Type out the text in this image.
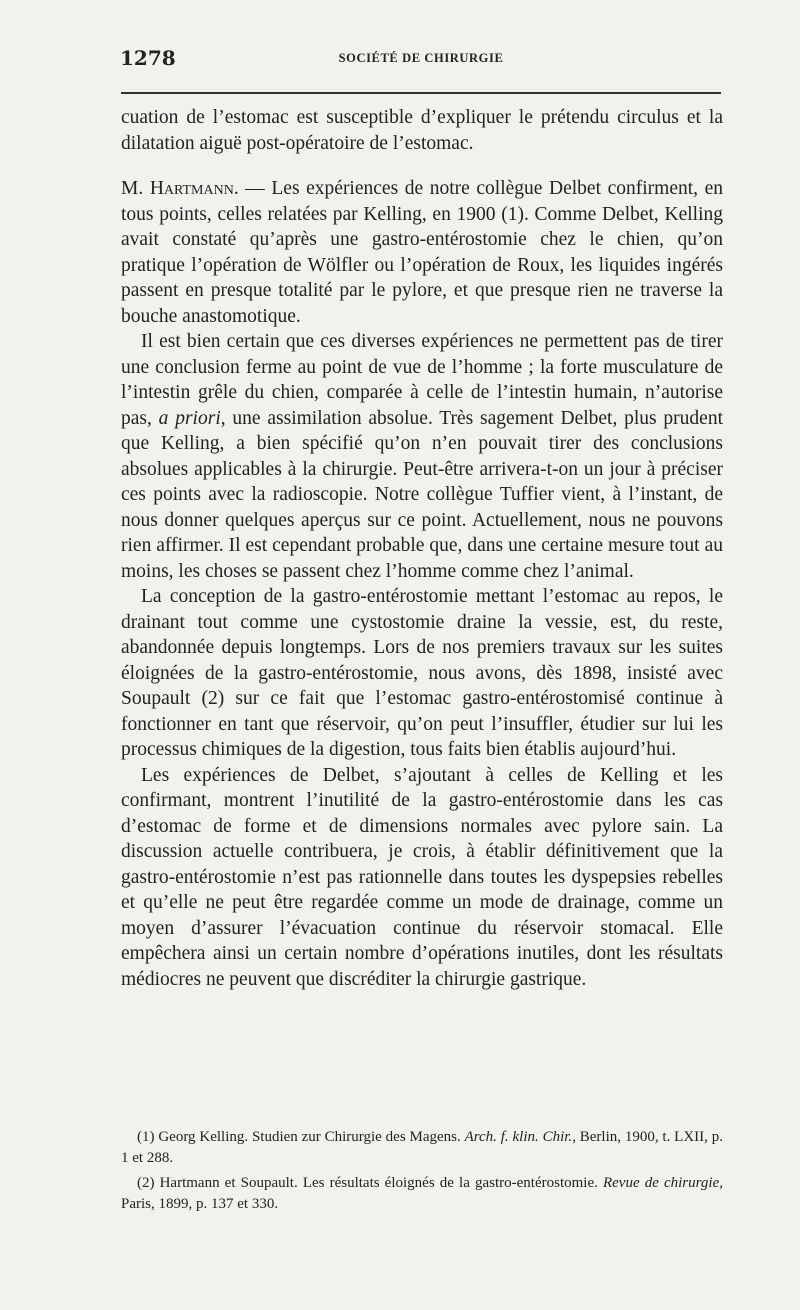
1278	SOCIÉTÉ DE CHIRURGIE

cuation de l’estomac est susceptible d’expliquer le prétendu circulus et la dilatation aiguë post-opératoire de l’estomac.

M. Hartmann. — Les expériences de notre collègue Delbet confirment, en tous points, celles relatées par Kelling, en 1900 (1). Comme Delbet, Kelling avait constaté qu’après une gastro-entérostomie chez le chien, qu’on pratique l’opération de Wölfler ou l’opération de Roux, les liquides ingérés passent en presque totalité par le pylore, et que presque rien ne traverse la bouche anastomotique.

Il est bien certain que ces diverses expériences ne permettent pas de tirer une conclusion ferme au point de vue de l’homme ; la forte musculature de l’intestin grêle du chien, comparée à celle de l’intestin humain, n’autorise pas, a priori, une assimilation absolue. Très sagement Delbet, plus prudent que Kelling, a bien spécifié qu’on n’en pouvait tirer des conclusions absolues applicables à la chirurgie. Peut-être arrivera-t-on un jour à préciser ces points avec la radioscopie. Notre collègue Tuffier vient, à l’instant, de nous donner quelques aperçus sur ce point. Actuellement, nous ne pouvons rien affirmer. Il est cependant probable que, dans une certaine mesure tout au moins, les choses se passent chez l’homme comme chez l’animal.

La conception de la gastro-entérostomie mettant l’estomac au repos, le drainant tout comme une cystostomie draine la vessie, est, du reste, abandonnée depuis longtemps. Lors de nos premiers travaux sur les suites éloignées de la gastro-entérostomie, nous avons, dès 1898, insisté avec Soupault (2) sur ce fait que l’estomac gastro-entérostomisé continue à fonctionner en tant que réservoir, qu’on peut l’insuffler, étudier sur lui les processus chimiques de la digestion, tous faits bien établis aujourd’hui.

Les expériences de Delbet, s’ajoutant à celles de Kelling et les confirmant, montrent l’inutilité de la gastro-entérostomie dans les cas d’estomac de forme et de dimensions normales avec pylore sain. La discussion actuelle contribuera, je crois, à établir définitivement que la gastro-entérostomie n’est pas rationnelle dans toutes les dyspepsies rebelles et qu’elle ne peut être regardée comme un mode de drainage, comme un moyen d’assurer l’évacuation continue du réservoir stomacal. Elle empêchera ainsi un certain nombre d’opérations inutiles, dont les résultats médiocres ne peuvent que discréditer la chirurgie gastrique.

(1) Georg Kelling. Studien zur Chirurgie des Magens. Arch. f. klin. Chir., Berlin, 1900, t. LXII, p. 1 et 288.

(2) Hartmann et Soupault. Les résultats éloignés de la gastro-entérostomie. Revue de chirurgie, Paris, 1899, p. 137 et 330.
